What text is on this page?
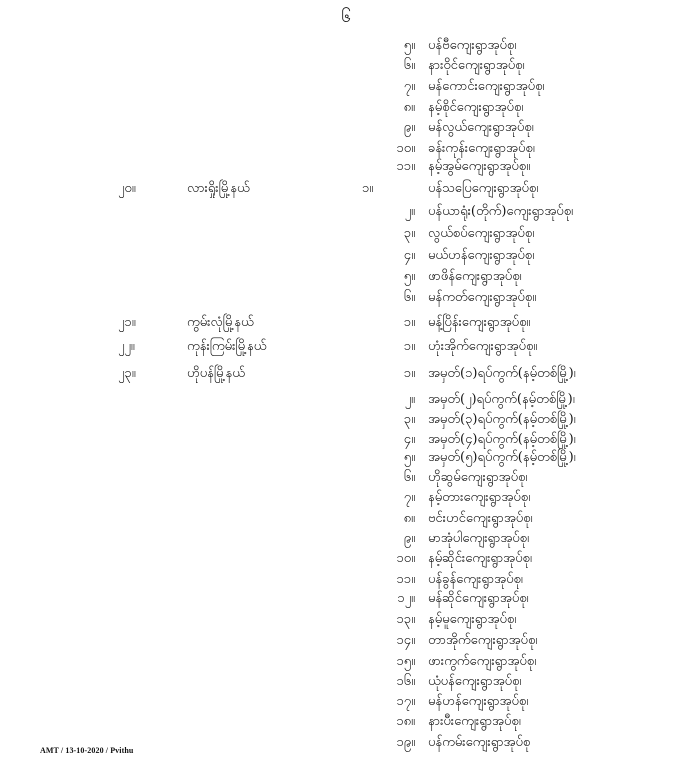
၆
၅။ ပန်ဗီကျေးရွာအုပ်စု၊
၆။ နားဝိုင်ကျေးရွာအုပ်စု၊
၇။ မန်ကောင်းကျေးရွာအုပ်စု၊
၈။ နမ့်စိုင်ကျေးရွာအုပ်စု၊
၉။ မန်လွယ်ကျေးရွာအုပ်စု၊
၁၀။ ခန်းကုန်းကျေးရွာအုပ်စု၊
၁၁။ နမ့်အွမ်ကျေးရွာအုပ်စု။
၂၀။	လားရှိုးမြို့နယ်	၁။	ပန်သပြေကျေးရွာအုပ်စု၊
၂။ ပန်ယာရုံး(တိုက်)ကျေးရွာအုပ်စု၊
၃။ လွယ်စပ်ကျေးရွာအုပ်စု၊
၄။ မယ်ဟန်ကျေးရွာအုပ်စု၊
၅။ ဖာဖိန်ကျေးရွာအုပ်စု၊
၆။ မန်ကတ်ကျေးရွာအုပ်စု။
၂၁။	ကွမ်းလုံမြို့နယ်	၁။ မန့်ပြိန်းကျေးရွာအုပ်စု။
၂၂။	ကုန်းကြမ်းမြို့နယ်	၁။ ဟုံးအိုက်ကျေးရွာအုပ်စု။
၂၃။	ဟိုပန်မြို့နယ်	၁။ အမှတ်(၁)ရပ်ကွက်(နမ့်တစ်မြို့)၊
၂။ အမှတ်(၂)ရပ်ကွက်(နမ့်တစ်မြို့)၊
၃။ အမှတ်(၃)ရပ်ကွက်(နမ့်တစ်မြို့)၊
၄။ အမှတ်(၄)ရပ်ကွက်(နမ့်တစ်မြို့)၊
၅။ အမှတ်(၅)ရပ်ကွက်(နမ့်တစ်မြို့)၊
၆။ ဟိုဆွမ်ကျေးရွာအုပ်စု၊
၇။ နမ့်တားကျေးရွာအုပ်စု၊
၈။ ဗင်းဟင်ကျေးရွာအုပ်စု၊
၉။ မာအုံပါကျေးရွာအုပ်စု၊
၁၀။ နမ့်ဆိုင်းကျေးရွာအုပ်စု၊
၁၁။ ပန်ခွန်ကျေးရွာအုပ်စု၊
၁၂။ မန်ဆိုင်ကျေးရွာအုပ်စု၊
၁၃။ နမ့်မူကျေးရွာအုပ်စု၊
၁၄။ တာအိုက်ကျေးရွာအုပ်စု၊
၁၅။ ဖားကွက်ကျေးရွာအုပ်စု၊
၁၆။ ယုံပန်ကျေးရွာအုပ်စု၊
၁၇။ မန်ဟန်ကျေးရွာအုပ်စု၊
၁၈။ နားပီးကျေးရွာအုပ်စု၊
၁၉။ ပန်ကမ်းကျေးရွာအုပ်စု
AMT / 13-10-2020 / Pvithu
